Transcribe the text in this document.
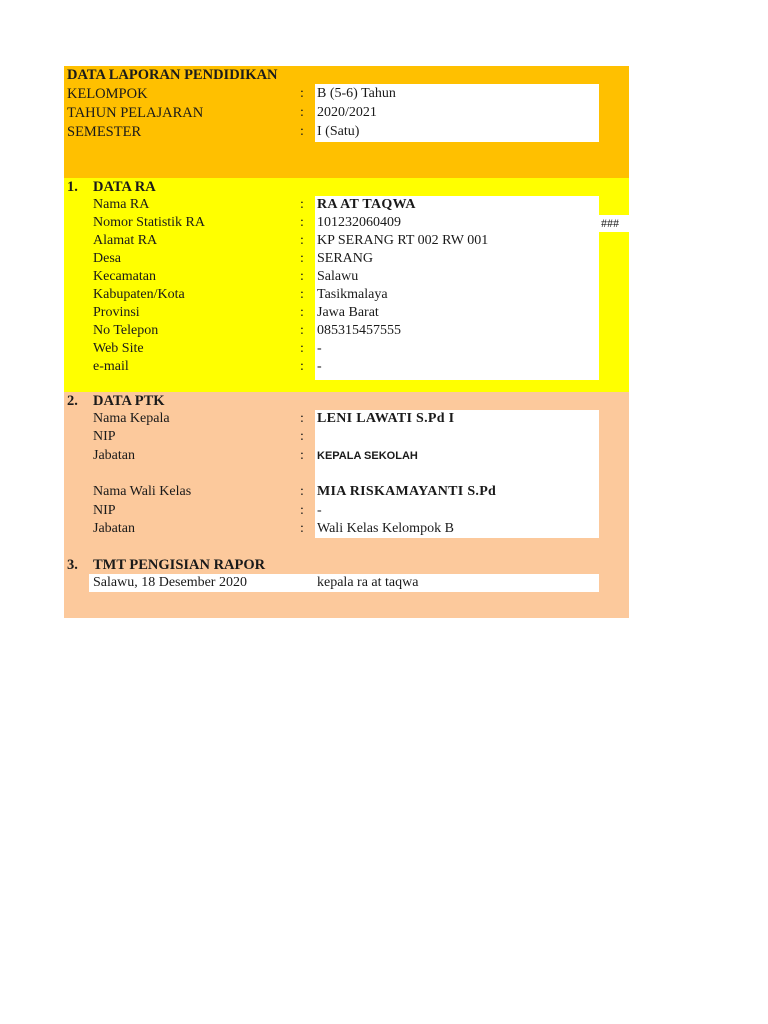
DATA LAPORAN PENDIDIKAN
KELOMPOK	: B (5-6) Tahun
TAHUN PELAJARAN	: 2020/2021
SEMESTER	: I (Satu)
###
1. DATA RA
Nama RA	: RA AT TAQWA
Nomor Statistik RA	: 101232060409
Alamat RA	: KP SERANG RT 002 RW 001
Desa	: SERANG
Kecamatan	: Salawu
Kabupaten/Kota	: Tasikmalaya
Provinsi	: Jawa Barat
No Telepon	: 085315457555
Web Site	: -
e-mail	: -
2. DATA PTK
Nama Kepala	: LENI LAWATI S.Pd I
NIP	:
Jabatan	: KEPALA SEKOLAH
Nama Wali Kelas	: MIA RISKAMAYANTI S.Pd
NIP	: -
Jabatan	: Wali Kelas Kelompok B
3. TMT PENGISIAN RAPOR
Salawu, 18 Desember 2020	kepala ra at taqwa
